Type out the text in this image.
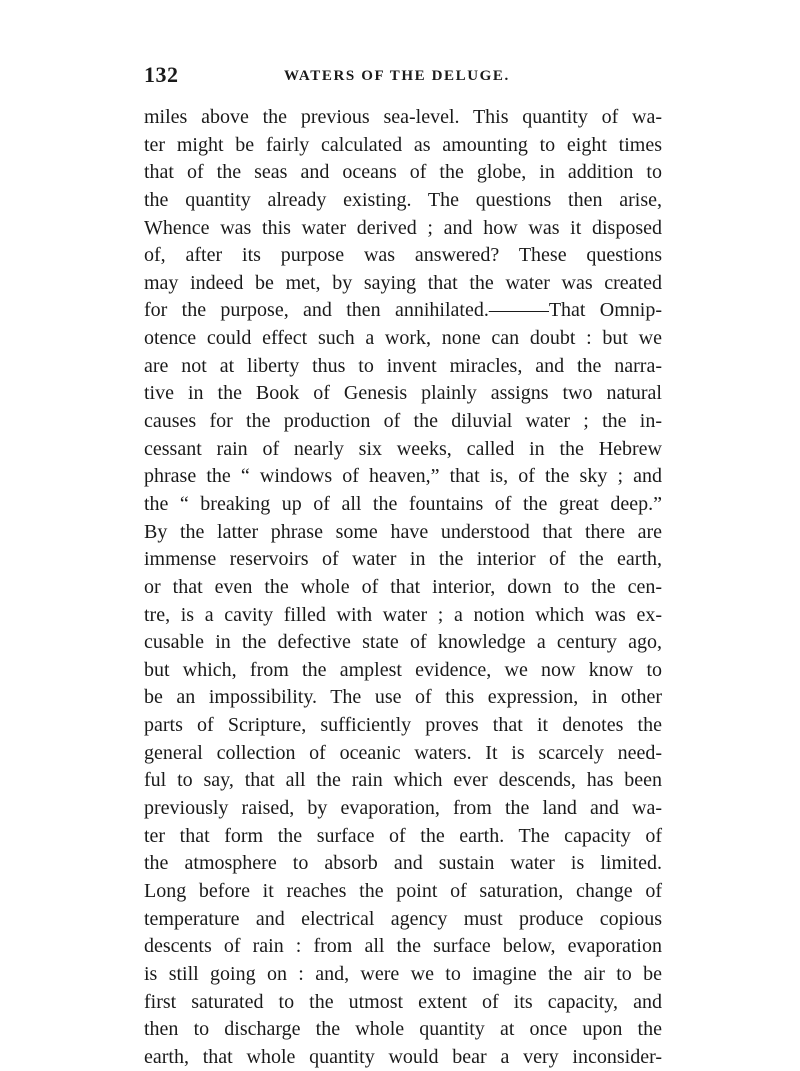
132	WATERS OF THE DELUGE.
miles above the previous sea-level. This quantity of wa-
ter might be fairly calculated as amounting to eight times
that of the seas and oceans of the globe, in addition to
the quantity already existing. The questions then arise,
Whence was this water derived ; and how was it disposed
of, after its purpose was answered? These questions
may indeed be met, by saying that the water was created
for the purpose, and then annihilated.———That Omnip-
otence could effect such a work, none can doubt : but we
are not at liberty thus to invent miracles, and the narra-
tive in the Book of Genesis plainly assigns two natural
causes for the production of the diluvial water ; the in-
cessant rain of nearly six weeks, called in the Hebrew
phrase the “ windows of heaven,” that is, of the sky ; and
the “ breaking up of all the fountains of the great deep.”
By the latter phrase some have understood that there are
immense reservoirs of water in the interior of the earth,
or that even the whole of that interior, down to the cen-
tre, is a cavity filled with water ; a notion which was ex-
cusable in the defective state of knowledge a century ago,
but which, from the amplest evidence, we now know to
be an impossibility. The use of this expression, in other
parts of Scripture, sufficiently proves that it denotes the
general collection of oceanic waters. It is scarcely need-
ful to say, that all the rain which ever descends, has been
previously raised, by evaporation, from the land and wa-
ter that form the surface of the earth. The capacity of
the atmosphere to absorb and sustain water is limited.
Long before it reaches the point of saturation, change of
temperature and electrical agency must produce copious
descents of rain : from all the surface below, evaporation
is still going on : and, were we to imagine the air to be
first saturated to the utmost extent of its capacity, and
then to discharge the whole quantity at once upon the
earth, that whole quantity would bear a very inconsider-
